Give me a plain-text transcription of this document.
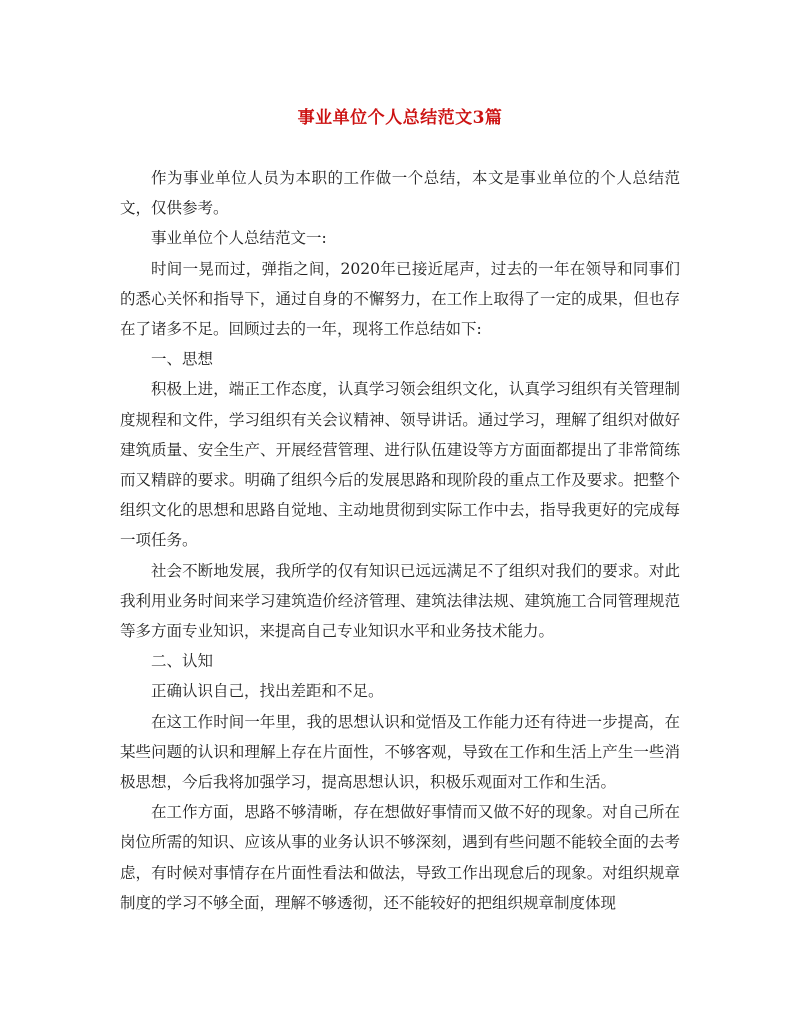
事业单位个人总结范文3篇

作为事业单位人员为本职的工作做一个总结，本文是事业单位的个人总结范文，仅供参考。

事业单位个人总结范文一:

时间一晃而过，弹指之间，2020年已接近尾声，过去的一年在领导和同事们的悉心关怀和指导下，通过自身的不懈努力，在工作上取得了一定的成果，但也存在了诸多不足。回顾过去的一年，现将工作总结如下:

一、思想

积极上进，端正工作态度，认真学习领会组织文化，认真学习组织有关管理制度规程和文件，学习组织有关会议精神、领导讲话。通过学习，理解了组织对做好建筑质量、安全生产、开展经营管理、进行队伍建设等方方面面都提出了非常简练而又精辟的要求。明确了组织今后的发展思路和现阶段的重点工作及要求。把整个组织文化的思想和思路自觉地、主动地贯彻到实际工作中去，指导我更好的完成每一项任务。

社会不断地发展，我所学的仅有知识已远远满足不了组织对我们的要求。对此我利用业务时间来学习建筑造价经济管理、建筑法律法规、建筑施工合同管理规范等多方面专业知识，来提高自己专业知识水平和业务技术能力。

二、认知

正确认识自己，找出差距和不足。

在这工作时间一年里，我的思想认识和觉悟及工作能力还有待进一步提高，在某些问题的认识和理解上存在片面性，不够客观，导致在工作和生活上产生一些消极思想，今后我将加强学习，提高思想认识，积极乐观面对工作和生活。

在工作方面，思路不够清晰，存在想做好事情而又做不好的现象。对自己所在岗位所需的知识、应该从事的业务认识不够深刻，遇到有些问题不能较全面的去考虑，有时候对事情存在片面性看法和做法，导致工作出现怠后的现象。对组织规章制度的学习不够全面，理解不够透彻，还不能较好的把组织规章制度体现
